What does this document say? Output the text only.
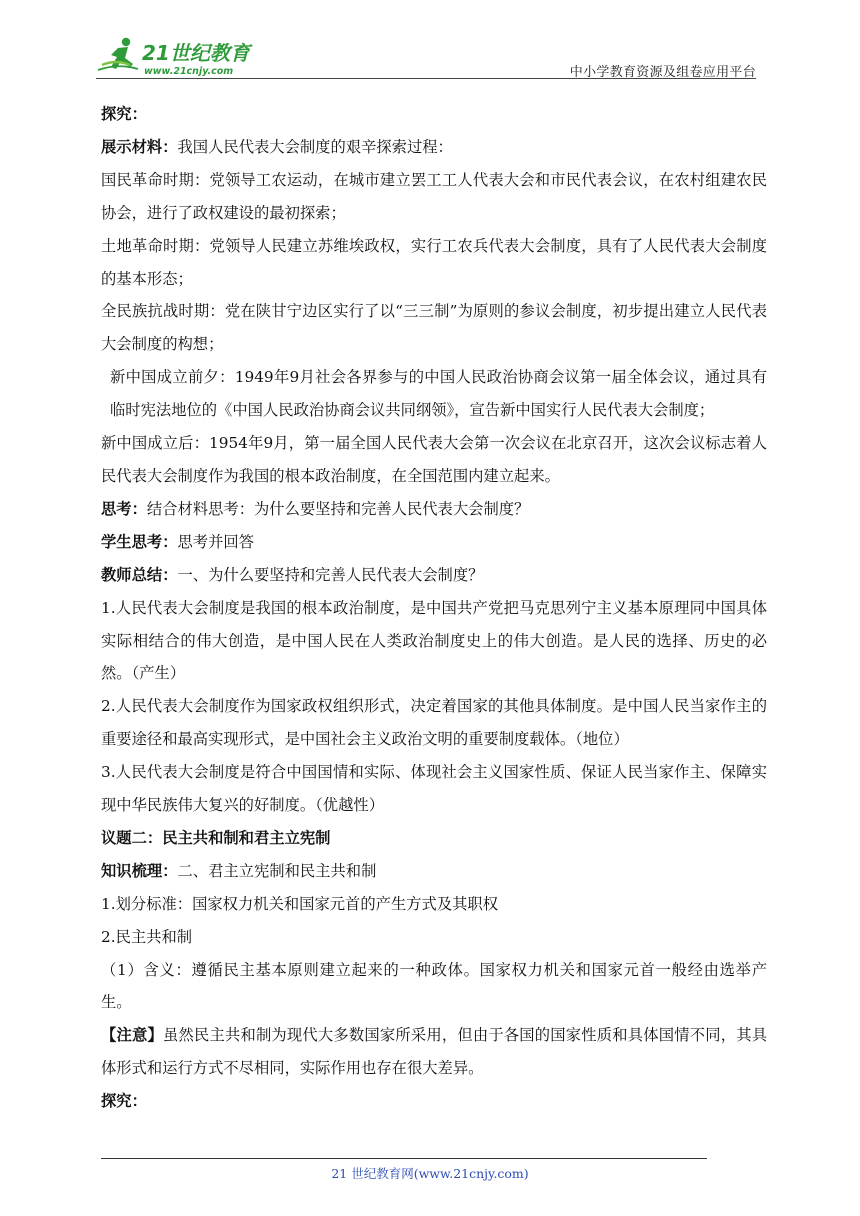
21世纪教育
www.21cnjy.com	中小学教育资源及组卷应用平台

探究：

展示材料：我国人民代表大会制度的艰辛探索过程：

国民革命时期：党领导工农运动，在城市建立罢工工人代表大会和市民代表会议，在农村组建农民协会，进行了政权建设的最初探索；

土地革命时期：党领导人民建立苏维埃政权，实行工农兵代表大会制度，具有了人民代表大会制度的基本形态；

全民族抗战时期：党在陕甘宁边区实行了以“三三制”为原则的参议会制度，初步提出建立人民代表大会制度的构想；

新中国成立前夕：1949年9月社会各界参与的中国人民政治协商会议第一届全体会议，通过具有临时宪法地位的《中国人民政治协商会议共同纲领》，宣告新中国实行人民代表大会制度；

新中国成立后：1954年9月，第一届全国人民代表大会第一次会议在北京召开，这次会议标志着人民代表大会制度作为我国的根本政治制度，在全国范围内建立起来。

思考：结合材料思考：为什么要坚持和完善人民代表大会制度？

学生思考：思考并回答

教师总结：一、为什么要坚持和完善人民代表大会制度？

1.人民代表大会制度是我国的根本政治制度，是中国共产党把马克思列宁主义基本原理同中国具体实际相结合的伟大创造，是中国人民在人类政治制度史上的伟大创造。是人民的选择、历史的必然。（产生）

2.人民代表大会制度作为国家政权组织形式，决定着国家的其他具体制度。是中国人民当家作主的重要途径和最高实现形式，是中国社会主义政治文明的重要制度载体。（地位）

3.人民代表大会制度是符合中国国情和实际、体现社会主义国家性质、保证人民当家作主、保障实现中华民族伟大复兴的好制度。（优越性）

议题二：民主共和制和君主立宪制

知识梳理：二、君主立宪制和民主共和制

1.划分标准：国家权力机关和国家元首的产生方式及其职权

2.民主共和制

（1）含义：遵循民主基本原则建立起来的一种政体。国家权力机关和国家元首一般经由选举产生。

【注意】虽然民主共和制为现代大多数国家所采用，但由于各国的国家性质和具体国情不同，其具体形式和运行方式不尽相同，实际作用也存在很大差异。

探究：

21 世纪教育网(www.21cnjy.com)
